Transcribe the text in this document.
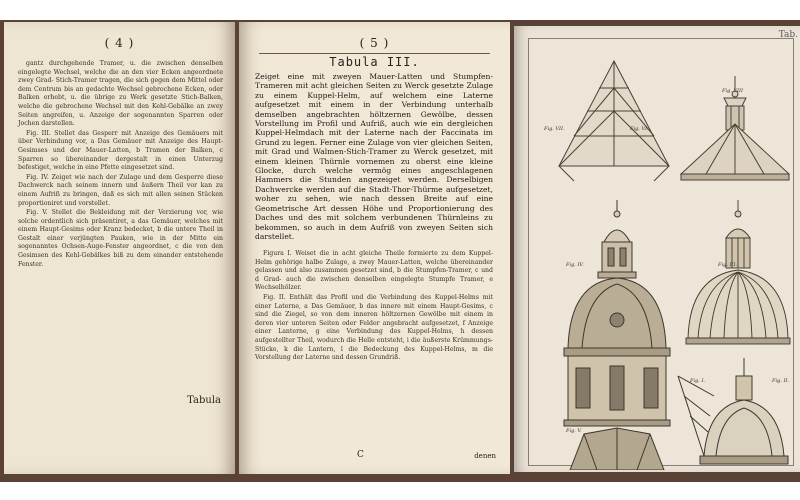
( 4 )

gantz durchgehende Tramer, u. die zwischen denselben eingelegte Wechsel, welche die an den vier Ecken angeordnete zwey Grad- Stich-Tramer tragen, die sich gegen dem Mittel oder dem Centrum bis an gedachte Wechsel gebrochene Ecken, oder Balken erhebt, u. die übrige zu Werk gesetzte Stich-Balken, welche die gebrochene Wechsel mit den Kehl-Gebälke an zwey Seiten angreifen, u. Anzeige der sogenannten Sparren oder Jochen darstellen.

Fig. III. Stellet das Gesperr mit Anzeige des Gemäuers mit über Verbindung vor, a Das Gemäuer mit Anzeige des Haupt-Gesimses und der Mauer-Latten, b Tramen der Balken, c Sparren so übereinander dergestalt in einen Unterzug befestiget, welche in eine Pfette eingesetzet sind.

Fig. IV. Zeiget wie nach der Zulage und dem Gesperre diese Dachwerck nach seinem innern und äußern Theil vor kan zu einem Aufriß zu bringen, daß es sich mit allen seinen Stücken proportioniret und vorstellet.

Fig. V. Stellet die Bekleidung mit der Verzierung vor, wie solche ordentlich sich präsentiret, a das Gemäuer, welches mit einem Haupt-Gesims oder Kranz bedecket, b die untere Theil in Gestalt einer verjüngten Pauken, wie in der Mitte ein sogenanntes Ochsen-Auge-Fenster angeordnet, c die von den Gesimsen des Kehl-Gebälkes biß zu dem einander entstehende Fenster.

Tabula
( 5 )
Tabula III.

Zeiget eine mit zweyen Mauer-Latten und Stumpfen-Trameren mit acht gleichen Seiten zu Werck gesetzte Zulage zu einem Kuppel-Helm, auf welchem eine Laterne aufgesetzet mit einem in der Verbindung unterhalb demselben angebrachten höltzernen Gewölbe, dessen Vorstellung im Profil und Aufriß, auch wie ein dergleichen Kuppel-Helmdach mit der Laterne nach der Faccinata im Grund zu legen. Ferner eine Zulage von vier gleichen Seiten, mit Grad und Walmen-Stich-Tramer zu Werck gesetzet, mit einem kleinen Thürnle vornemen zu oberst eine kleine Glocke, durch welche vermög eines angeschlagenen Hammers die Stunden angezeiget werden. Derselbigen Dachwercke werden auf die Stadt-Thor-Thürme aufgesetzet, woher zu sehen, wie nach dessen Breite auf eine Geometrische Art dessen Höhe und Proportionierung des Daches und des mit solchem verbundenen Thürnleins zu bekommen, so auch in dem Aufriß von zweyen Seiten sich darstellet.

Figura I. Weiset die in acht gleiche Theile formierte zu dem Kuppel-Helm gehörige halbe Zulage, a zwey Mauer-Latten, welche übereinander gelassen und also zusammen gesetzet sind, b die Stumpfen-Tramer, c und d Grad- auch die zwischen denselben eingelegte Stumpfe Tramer, e Wechselhölzer.

Fig. II. Enthält das Profil und die Verbindung des Kuppel-Helms mit einer Laterne, a Das Gemäuer, b das innere mit einem Haupt-Gesims, c sind die Ziegel, so von dem inneren höltzernen Gewölbe mit einem in deren vier unteren Seiten oder Felder angebracht aufgesetzet, f Anzeige einer Lanterne, g eine Verbindung des Kuppel-Helms, h dessen aufgestellter Theil, wodurch die Helle entsteht, i die äußerste Krümmungs-Stücke, k die Lantern, l die Bedeckung des Kuppel-Helms, m die Vorstellung der Laterne und dessen Grundriß.

C	denen
Tab.
Fig. VII.	Fig. VI.
Fig. VIII
Fig. IV.
Fig. V.
Fig. III.
Fig. I.	Fig. II.
